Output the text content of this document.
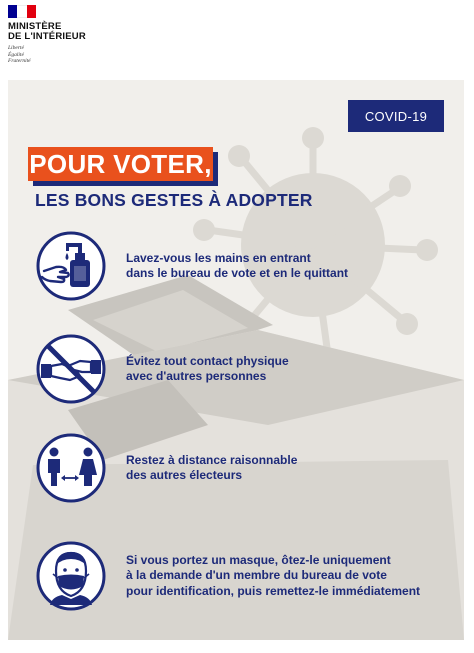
MINISTÈRE
DE L'INTÉRIEUR
Liberté
Égalité
Fraternité
COVID-19
POUR VOTER,
LES BONS GESTES À ADOPTER
Lavez-vous les mains en entrant
dans le bureau de vote et en le quittant
Évitez tout contact physique
avec d'autres personnes
Restez à distance raisonnable
des autres électeurs
Si vous portez un masque, ôtez-le uniquement
à la demande d'un membre du bureau de vote
pour identification, puis remettez-le immédiatement
